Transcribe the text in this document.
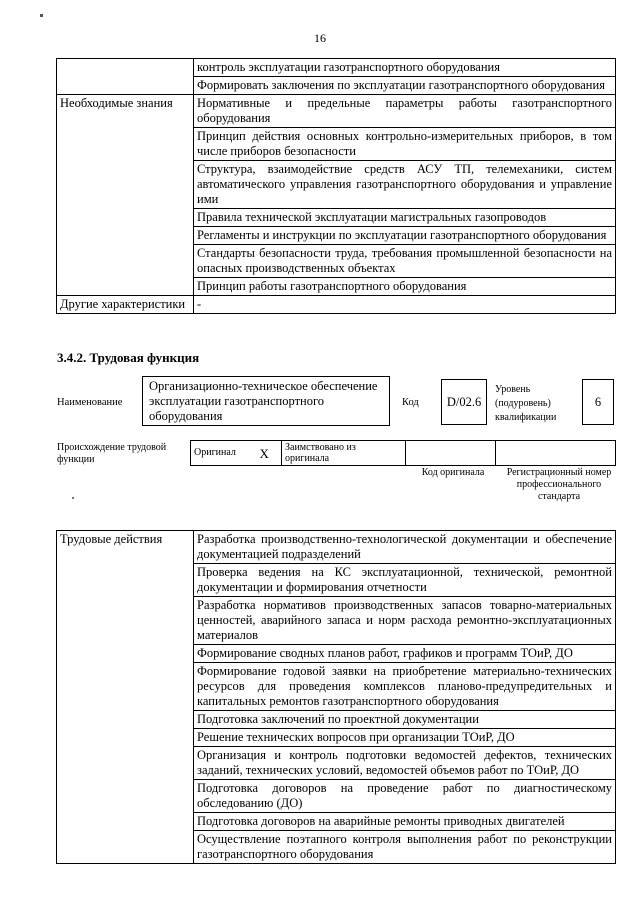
16
	контроль эксплуатации газотранспортного оборудования
	Формировать заключения по эксплуатации газотранспортного оборудования
Необходимые знания	Нормативные и предельные параметры работы газотранспортного оборудования
	Принцип действия основных контрольно-измерительных приборов, в том числе приборов безопасности
	Структура, взаимодействие средств АСУ ТП, телемеханики, систем автоматического управления газотранспортного оборудования и управление ими
	Правила технической эксплуатации магистральных газопроводов
	Регламенты и инструкции по эксплуатации газотранспортного оборудования
	Стандарты безопасности труда, требования промышленной безопасности на опасных производственных объектах
	Принцип работы газотранспортного оборудования
Другие характеристики	-
3.4.2. Трудовая функция
Наименование
Организационно-техническое обеспечение эксплуатации газотранспортного оборудования
Код D/02.6
Уровень (подуровень) квалификации
6
Происхождение трудовой функции
Оригинал	X	Заимствовано из оригинала		
Код оригинала	Регистрационный номер профессионального стандарта
Трудовые действия	Разработка производственно-технологической документации и обеспечение документацией подразделений
Проверка ведения на КС эксплуатационной, технической, ремонтной документации и формирования отчетности
Разработка нормативов производственных запасов товарно-материальных ценностей, аварийного запаса и норм расхода ремонтно-эксплуатационных материалов
Формирование сводных планов работ, графиков и программ ТОиР, ДО
Формирование годовой заявки на приобретение материально-технических ресурсов для проведения комплексов планово-предупредительных и капитальных ремонтов газотранспортного оборудования
Подготовка заключений по проектной документации
Решение технических вопросов при организации ТОиР, ДО
Организация и контроль подготовки ведомостей дефектов, технических заданий, технических условий, ведомостей объемов работ по ТОиР, ДО
Подготовка договоров на проведение работ по диагностическому обследованию (ДО)
Подготовка договоров на аварийные ремонты приводных двигателей
Осуществление поэтапного контроля выполнения работ по реконструкции газотранспортного оборудования
